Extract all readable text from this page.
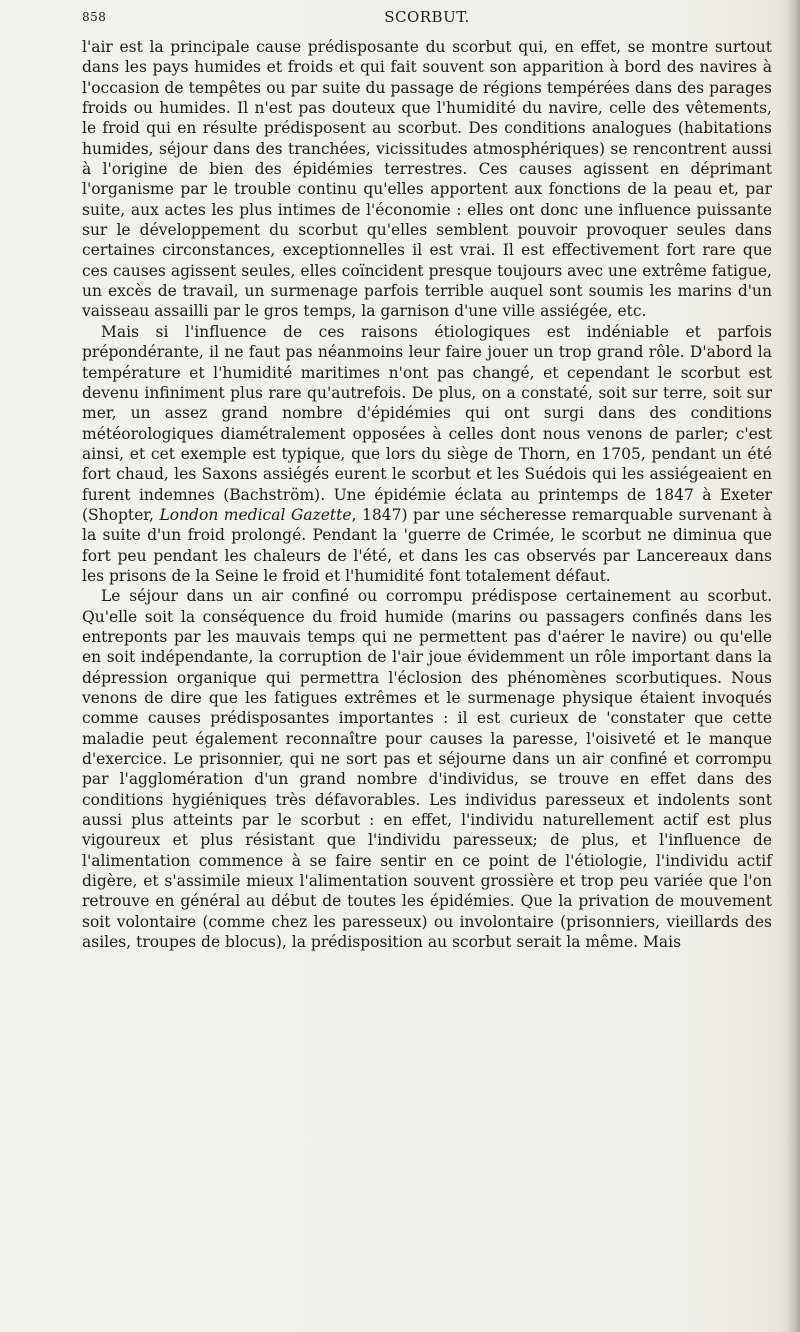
858	SCORBUT.

l'air est la principale cause prédisposante du scorbut qui, en effet, se montre surtout dans les pays humides et froids et qui fait souvent son apparition à bord des navires à l'occasion de tempêtes ou par suite du passage de régions tempérées dans des parages froids ou humides. Il n'est pas douteux que l'humidité du navire, celle des vêtements, le froid qui en résulte prédisposent au scorbut. Des conditions analogues (habitations humides, séjour dans des tranchées, vicissitudes atmosphériques) se rencontrent aussi à l'origine de bien des épidémies terrestres. Ces causes agissent en déprimant l'organisme par le trouble continu qu'elles apportent aux fonctions de la peau et, par suite, aux actes les plus intimes de l'économie : elles ont donc une influence puissante sur le développement du scorbut qu'elles semblent pouvoir provoquer seules dans certaines circonstances, exceptionnelles il est vrai. Il est effectivement fort rare que ces causes agissent seules, elles coïncident presque toujours avec une extrême fatigue, un excès de travail, un surmenage parfois terrible auquel sont soumis les marins d'un vaisseau assailli par le gros temps, la garnison d'une ville assiégée, etc.

Mais si l'influence de ces raisons étiologiques est indéniable et parfois prépondérante, il ne faut pas néanmoins leur faire jouer un trop grand rôle. D'abord la température et l'humidité maritimes n'ont pas changé, et cependant le scorbut est devenu infiniment plus rare qu'autrefois. De plus, on a constaté, soit sur terre, soit sur mer, un assez grand nombre d'épidémies qui ont surgi dans des conditions météorologiques diamétralement opposées à celles dont nous venons de parler; c'est ainsi, et cet exemple est typique, que lors du siège de Thorn, en 1705, pendant un été fort chaud, les Saxons assiégés eurent le scorbut et les Suédois qui les assiégeaient en furent indemnes (Bachström). Une épidémie éclata au printemps de 1847 à Exeter (Shopter, London medical Gazette, 1847) par une sécheresse remarquable survenant à la suite d'un froid prolongé. Pendant la 'guerre de Crimée, le scorbut ne diminua que fort peu pendant les chaleurs de l'été, et dans les cas observés par Lancereaux dans les prisons de la Seine le froid et l'humidité font totalement défaut.

Le séjour dans un air confiné ou corrompu prédispose certainement au scorbut. Qu'elle soit la conséquence du froid humide (marins ou passagers confinés dans les entreponts par les mauvais temps qui ne permettent pas d'aérer le navire) ou qu'elle en soit indépendante, la corruption de l'air joue évidemment un rôle important dans la dépression organique qui permettra l'éclosion des phénomènes scorbutiques. Nous venons de dire que les fatigues extrêmes et le surmenage physique étaient invoqués comme causes prédisposantes importantes : il est curieux de 'constater que cette maladie peut également reconnaître pour causes la paresse, l'oisiveté et le manque d'exercice. Le prisonnier, qui ne sort pas et séjourne dans un air confiné et corrompu par l'agglomération d'un grand nombre d'individus, se trouve en effet dans des conditions hygiéniques très défavorables. Les individus paresseux et indolents sont aussi plus atteints par le scorbut : en effet, l'individu naturellement actif est plus vigoureux et plus résistant que l'individu paresseux; de plus, et l'influence de l'alimentation commence à se faire sentir en ce point de l'étiologie, l'individu actif digère, et s'assimile mieux l'alimentation souvent grossière et trop peu variée que l'on retrouve en général au début de toutes les épidémies. Que la privation de mouvement soit volontaire (comme chez les paresseux) ou involontaire (prisonniers, vieillards des asiles, troupes de blocus), la prédisposition au scorbut serait la même. Mais
